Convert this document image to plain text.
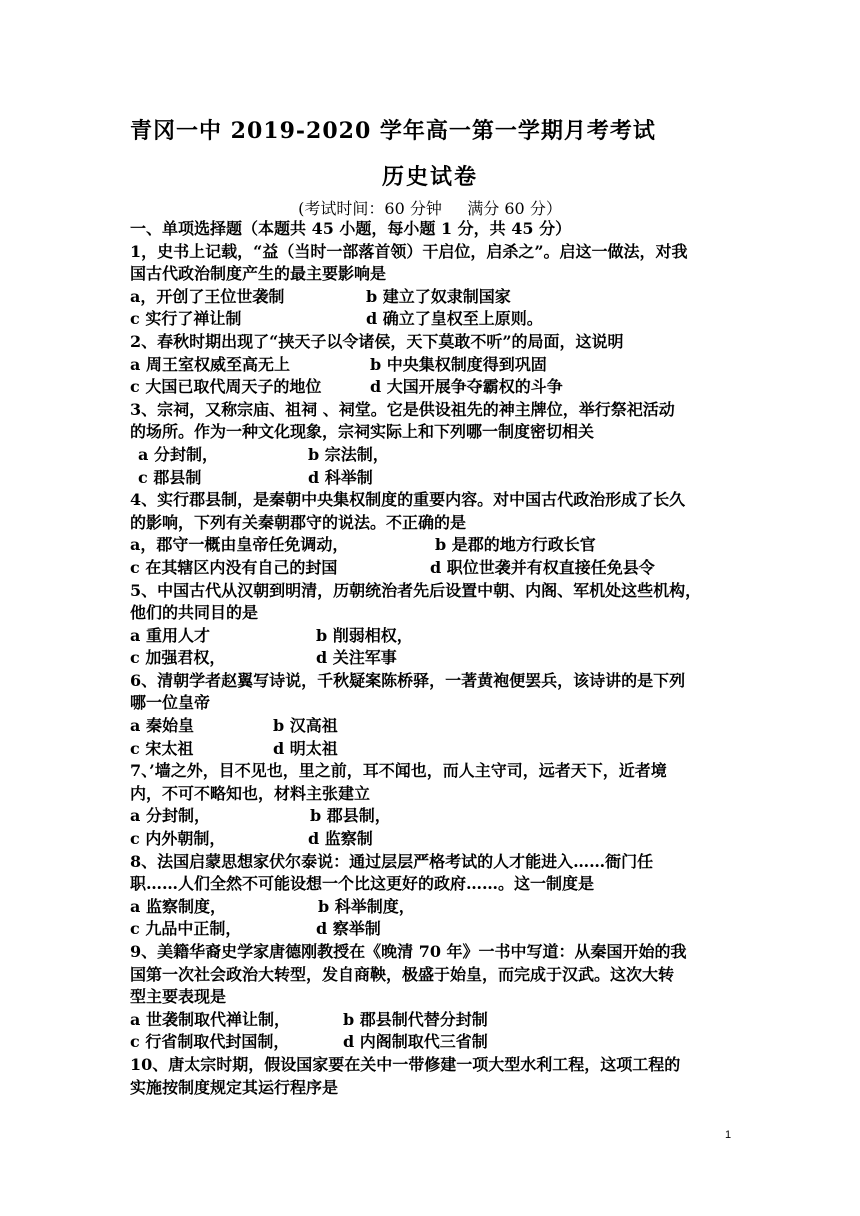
青冈一中 2019-2020 学年高一第一学期月考考试
历史试卷
(考试时间：60 分钟     满分 60 分）
一、单项选择题（本题共 45 小题，每小题 1 分，共 45 分）
1，史书上记载，“益（当时一部落首领）干启位，启杀之”。启这一做法，对我
国古代政治制度产生的最主要影响是
a，开创了王位世袭制	b 建立了奴隶制国家
c 实行了禅让制	d 确立了皇权至上原则。
2、春秋时期出现了“挟天子以令诸侯，天下莫敢不听”的局面，这说明
a 周王室权威至高无上	b 中央集权制度得到巩固
c 大国已取代周天子的地位	d 大国开展争夺霸权的斗争
3、宗祠，又称宗庙、祖祠 、祠堂。它是供设祖先的神主牌位，举行祭祀活动
的场所。作为一种文化现象，宗祠实际上和下列哪一制度密切相关
a 分封制，	b 宗法制，
c 郡县制	d 科举制
4、实行郡县制，是秦朝中央集权制度的重要内容。对中国古代政治形成了长久
的影响，下列有关秦朝郡守的说法。不正确的是
a，郡守一概由皇帝任免调动，	b 是郡的地方行政长官
c 在其辖区内没有自己的封国	d 职位世袭并有权直接任免县令
5、中国古代从汉朝到明清，历朝统治者先后设置中朝、内阁、军机处这些机构，
他们的共同目的是
a 重用人才	b 削弱相权，
c 加强君权，	d 关注军事
6、清朝学者赵翼写诗说，千秋疑案陈桥驿，一著黄袍便罢兵，该诗讲的是下列
哪一位皇帝
a 秦始皇	b 汉高祖
c 宋太祖	d 明太祖
7、’墙之外，目不见也，里之前，耳不闻也，而人主守司，远者天下，近者境
内，不可不略知也，材料主张建立
a 分封制，	b 郡县制，
c 内外朝制，	d 监察制
8、法国启蒙思想家伏尔泰说：通过层层严格考试的人才能进入……衙门任
职……人们全然不可能设想一个比这更好的政府……。这一制度是
a 监察制度，	b 科举制度，
c 九品中正制，	d 察举制
9、美籍华裔史学家唐德刚教授在《晚清 70 年》一书中写道：从秦国开始的我
国第一次社会政治大转型，发自商鞅，极盛于始皇，而完成于汉武。这次大转
型主要表现是
a 世袭制取代禅让制，	b 郡县制代替分封制
c 行省制取代封国制，	d 内阁制取代三省制
10、唐太宗时期，假设国家要在关中一带修建一项大型水利工程，这项工程的
实施按制度规定其运行程序是
1
